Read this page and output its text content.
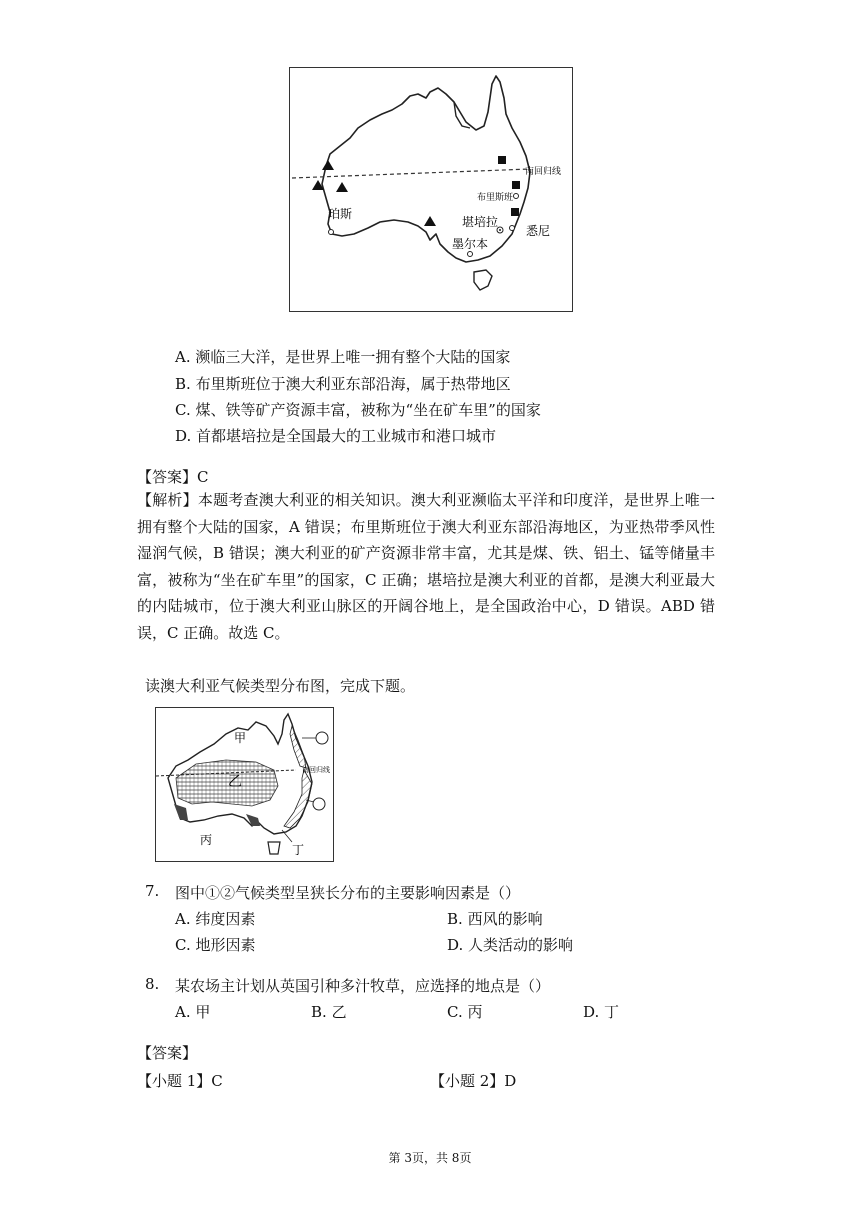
南回归线
珀斯
布里斯班
堪培拉
悉尼
墨尔本
A. 濒临三大洋，是世界上唯一拥有整个大陆的国家
B. 布里斯班位于澳大利亚东部沿海，属于热带地区
C. 煤、铁等矿产资源丰富，被称为“坐在矿车里”的国家
D. 首都堪培拉是全国最大的工业城市和港口城市
【答案】C
【解析】本题考查澳大利亚的相关知识。澳大利亚濒临太平洋和印度洋，是世界上唯一拥有整个大陆的国家，A 错误；布里斯班位于澳大利亚东部沿海地区，为亚热带季风性湿润气候，B 错误；澳大利亚的矿产资源非常丰富，尤其是煤、铁、铝土、锰等储量丰富，被称为“坐在矿车里”的国家，C 正确；堪培拉是澳大利亚的首都，是澳大利亚最大的内陆城市，位于澳大利亚山脉区的开阔谷地上，是全国政治中心，D 错误。ABD 错误，C 正确。故选 C。
读澳大利亚气候类型分布图，完成下题。
甲
乙
丙
丁
南回归线
7. 图中①②气候类型呈狭长分布的主要影响因素是（）
A. 纬度因素	B. 西风的影响
C. 地形因素	D. 人类活动的影响
8. 某农场主计划从英国引种多汁牧草，应选择的地点是（）
A. 甲	B. 乙	C. 丙	D. 丁
【答案】
【小题 1】C	【小题 2】D
第 3页，共 8页
